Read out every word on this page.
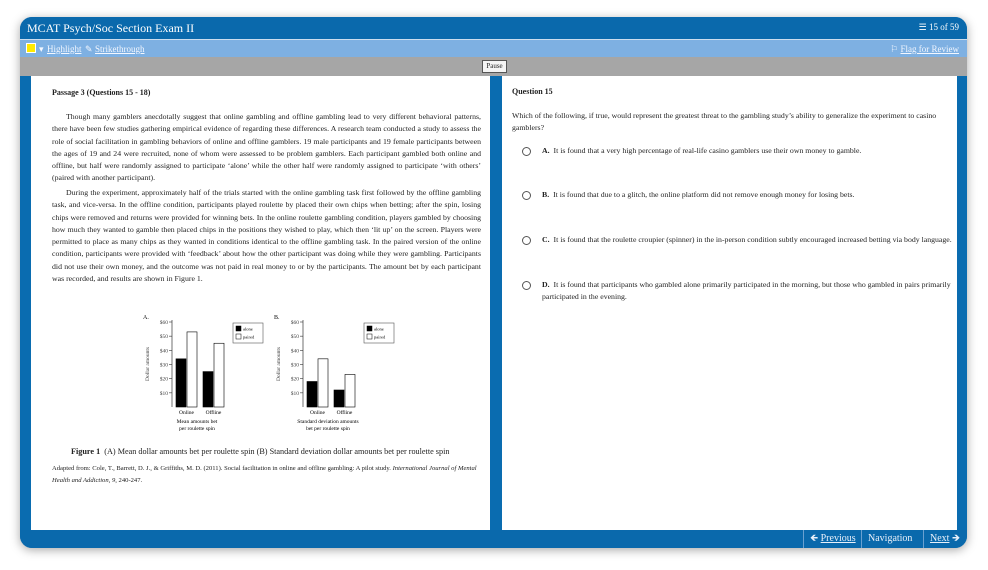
MCAT Psych/Soc Section Exam II	☰ 15 of 59
▾ Highlight ✎ Strikethrough	⚐ Flag for Review
Pause
Passage 3 (Questions 15 - 18)
Though many gamblers anecdotally suggest that online gambling and offline gambling lead to very different behavioral patterns, there have been few studies gathering empirical evidence of regarding these differences. A research team conducted a study to assess the role of social facilitation in gambling behaviors of online and offline gamblers. 19 male participants and 19 female participants between the ages of 19 and 24 were recruited, none of whom were assessed to be problem gamblers. Each participant gambled both online and offline, but half were randomly assigned to participate ‘alone’ while the other half were randomly assigned to participate ‘with others’ (paired with another participant).
During the experiment, approximately half of the trials started with the online gambling task first followed by the offline gambling task, and vice-versa. In the offline condition, participants played roulette by placed their own chips when betting; after the spin, losing chips were removed and returns were provided for winning bets. In the online roulette gambling condition, players gambled by choosing how much they wanted to gamble then placed chips in the positions they wished to play, which then ‘lit up’ on the screen. Players were permitted to place as many chips as they wanted in conditions identical to the offline gambling task. In the paired version of the online condition, participants were provided with ‘feedback’ about how the other participant was doing while they were gambling. Participants did not use their own money, and the outcome was not paid in real money to or by the participants. The amount bet by each participant was recorded, and results are shown in Figure 1.
A.
$10
$20
$30
$40
$50
$60
Dollar amounts
Online Offline
Mean amounts bet
per roulette spin
alone
paired
B.
$10
$20
$30
$40
$50
$60
Dollar amounts
Online Offline
Standard deviation amounts
bet per roulette spin
alone
paired
Figure 1 (A) Mean dollar amounts bet per roulette spin (B) Standard deviation dollar amounts bet per roulette spin
Adapted from: Cole, T., Barrett, D. J., & Griffiths, M. D. (2011). Social facilitation in online and offline gambling: A pilot study. International Journal of Mental Health and Addiction, 9, 240-247.
Question 15
Which of the following, if true, would represent the greatest threat to the gambling study’s ability to generalize the experiment to casino gamblers?
A. It is found that a very high percentage of real-life casino gamblers use their own money to gamble.
B. It is found that due to a glitch, the online platform did not remove enough money for losing bets.
C. It is found that the roulette croupier (spinner) in the in-person condition subtly encouraged increased betting via body language.
D. It is found that participants who gambled alone primarily participated in the morning, but those who gambled in pairs primarily participated in the evening.
🡸 Previous	Navigation	Next 🡺
